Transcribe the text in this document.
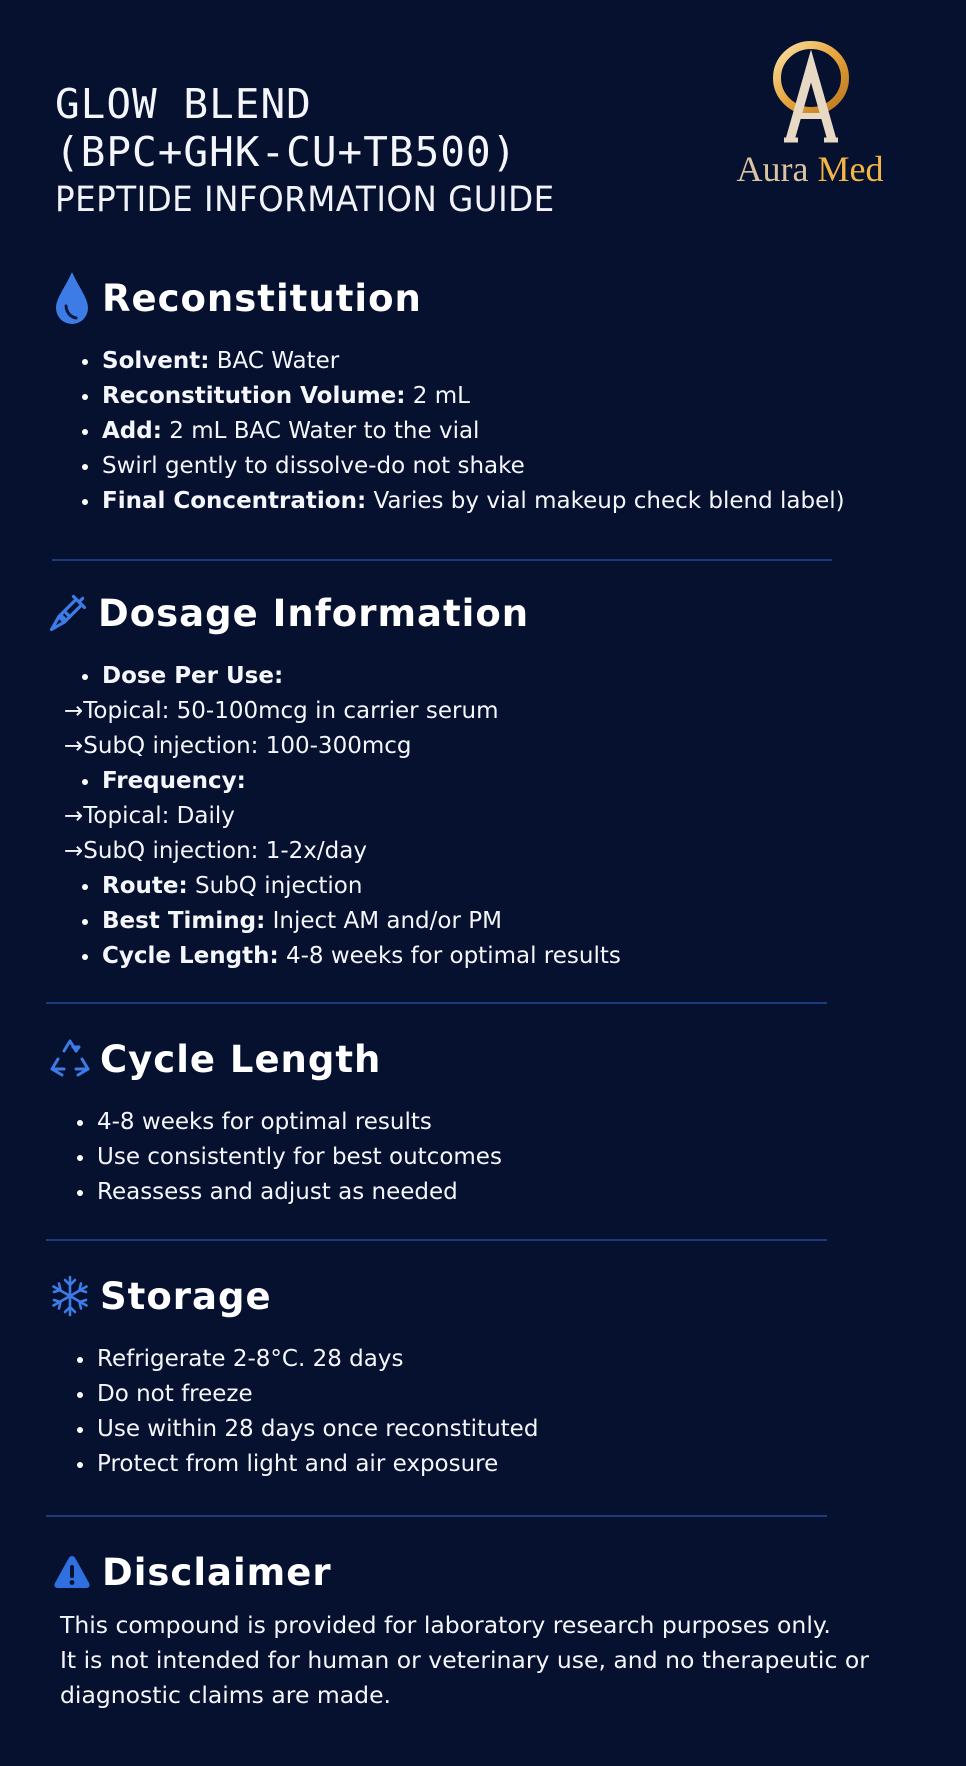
GLOW BLEND
(BPC+GHK-CU+TB500)
PEPTIDE INFORMATION GUIDE
Aura Med
Reconstitution
Solvent: BAC Water
Reconstitution Volume: 2 mL
Add: 2 mL BAC Water to the vial
Swirl gently to dissolve-do not shake
Final Concentration: Varies by vial makeup check blend label)
Dosage Information
Dose Per Use:
→Topical: 50-100mcg in carrier serum
→SubQ injection: 100-300mcg
Frequency:
→Topical: Daily
→SubQ injection: 1-2x/day
Route: SubQ injection
Best Timing: Inject AM and/or PM
Cycle Length: 4-8 weeks for optimal results
Cycle Length
4-8 weeks for optimal results
Use consistently for best outcomes
Reassess and adjust as needed
Storage
Refrigerate 2-8°C. 28 days
Do not freeze
Use within 28 days once reconstituted
Protect from light and air exposure
Disclaimer
This compound is provided for laboratory research purposes only.
It is not intended for human or veterinary use, and no therapeutic or
diagnostic claims are made.
